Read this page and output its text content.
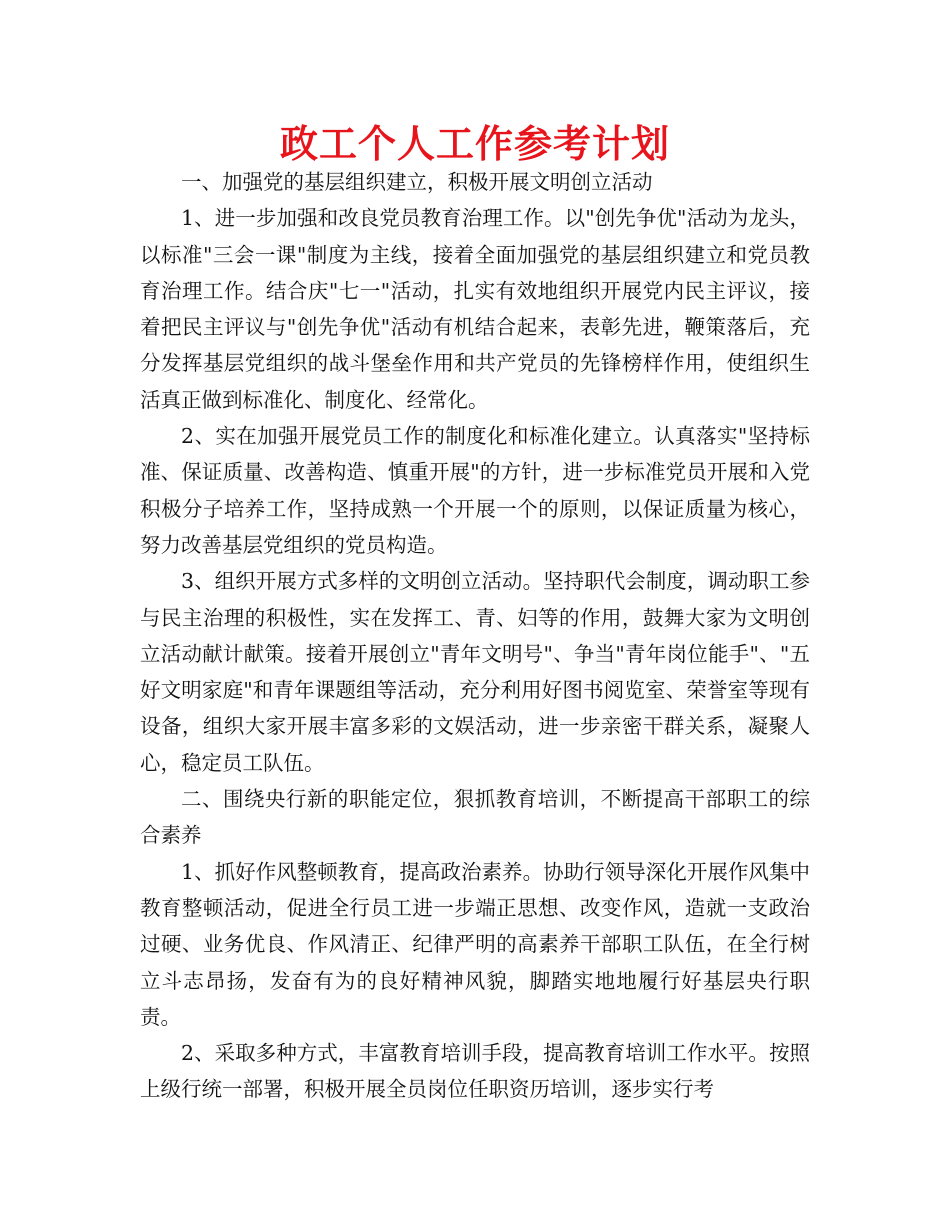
政工个人工作参考计划

一、加强党的基层组织建立，积极开展文明创立活动

1、进一步加强和改良党员教育治理工作。以"创先争优"活动为龙头，以标准"三会一课"制度为主线，接着全面加强党的基层组织建立和党员教育治理工作。结合庆"七一"活动，扎实有效地组织开展党内民主评议，接着把民主评议与"创先争优"活动有机结合起来，表彰先进，鞭策落后，充分发挥基层党组织的战斗堡垒作用和共产党员的先锋榜样作用，使组织生活真正做到标准化、制度化、经常化。

2、实在加强开展党员工作的制度化和标准化建立。认真落实"坚持标准、保证质量、改善构造、慎重开展"的方针，进一步标准党员开展和入党积极分子培养工作，坚持成熟一个开展一个的原则，以保证质量为核心，努力改善基层党组织的党员构造。

3、组织开展方式多样的文明创立活动。坚持职代会制度，调动职工参与民主治理的积极性，实在发挥工、青、妇等的作用，鼓舞大家为文明创立活动献计献策。接着开展创立"青年文明号"、争当"青年岗位能手"、"五好文明家庭"和青年课题组等活动，充分利用好图书阅览室、荣誉室等现有设备，组织大家开展丰富多彩的文娱活动，进一步亲密干群关系，凝聚人心，稳定员工队伍。

二、围绕央行新的职能定位，狠抓教育培训，不断提高干部职工的综合素养

1、抓好作风整顿教育，提高政治素养。协助行领导深化开展作风集中教育整顿活动，促进全行员工进一步端正思想、改变作风，造就一支政治过硬、业务优良、作风清正、纪律严明的高素养干部职工队伍，在全行树立斗志昂扬，发奋有为的良好精神风貌，脚踏实地地履行好基层央行职责。

2、采取多种方式，丰富教育培训手段，提高教育培训工作水平。按照上级行统一部署，积极开展全员岗位任职资历培训，逐步实行考
